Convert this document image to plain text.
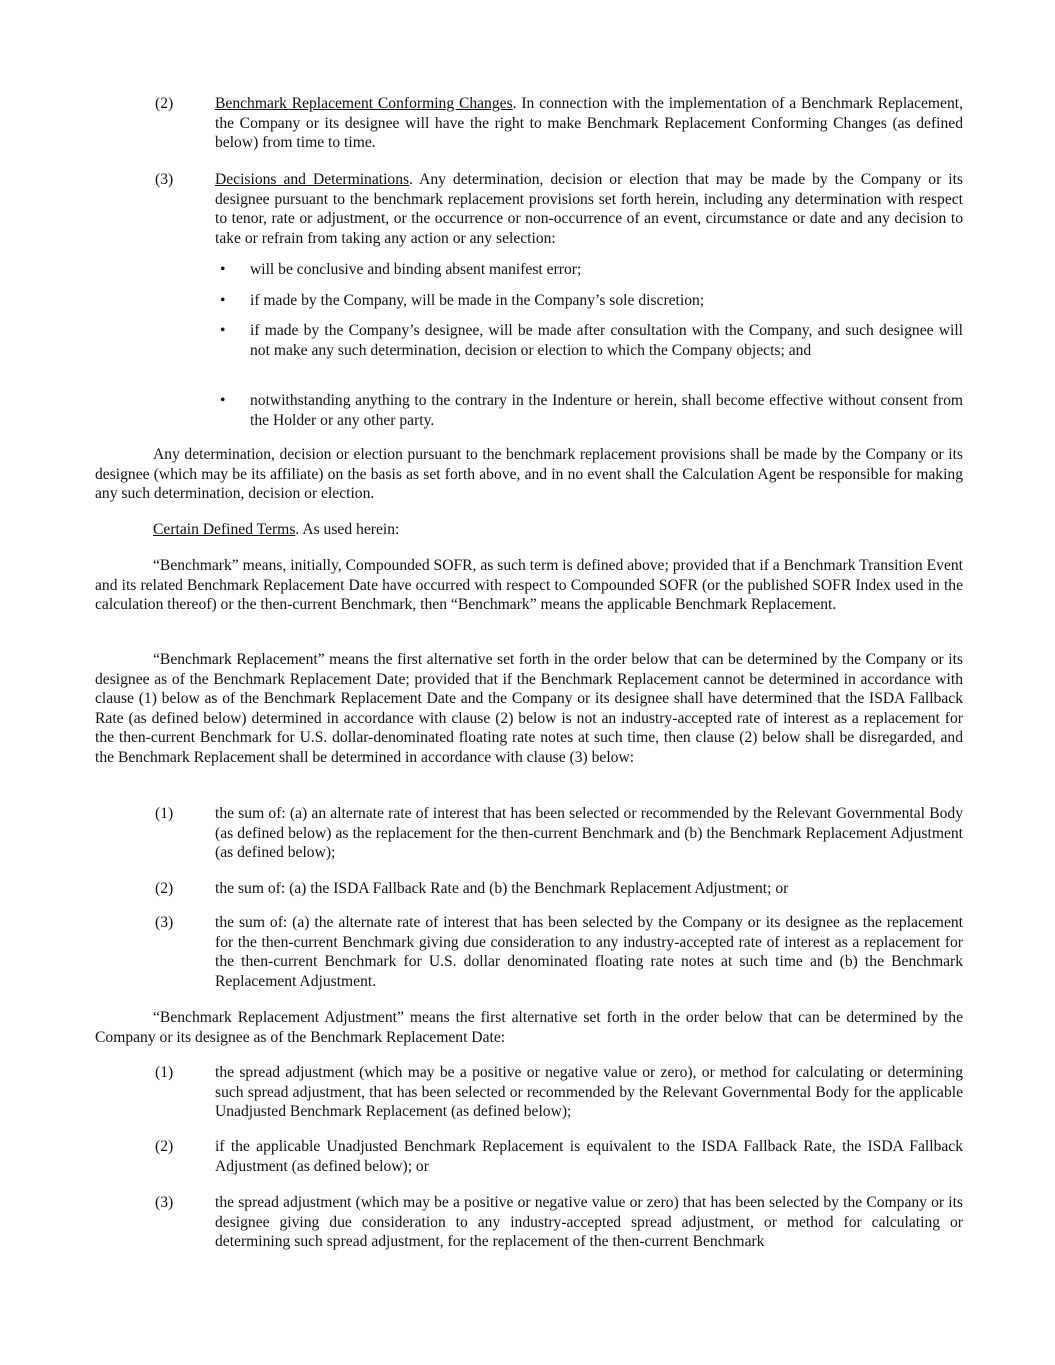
(2)	Benchmark Replacement Conforming Changes. In connection with the implementation of a Benchmark Replacement, the Company or its designee will have the right to make Benchmark Replacement Conforming Changes (as defined below) from time to time.

(3)	Decisions and Determinations. Any determination, decision or election that may be made by the Company or its designee pursuant to the benchmark replacement provisions set forth herein, including any determination with respect to tenor, rate or adjustment, or the occurrence or non-occurrence of an event, circumstance or date and any decision to take or refrain from taking any action or any selection:

• will be conclusive and binding absent manifest error;
• if made by the Company, will be made in the Company’s sole discretion;
• if made by the Company’s designee, will be made after consultation with the Company, and such designee will not make any such determination, decision or election to which the Company objects; and
• notwithstanding anything to the contrary in the Indenture or herein, shall become effective without consent from the Holder or any other party.
Any determination, decision or election pursuant to the benchmark replacement provisions shall be made by the Company or its designee (which may be its affiliate) on the basis as set forth above, and in no event shall the Calculation Agent be responsible for making any such determination, decision or election.

Certain Defined Terms. As used herein:

“Benchmark” means, initially, Compounded SOFR, as such term is defined above; provided that if a Benchmark Transition Event and its related Benchmark Replacement Date have occurred with respect to Compounded SOFR (or the published SOFR Index used in the calculation thereof) or the then-current Benchmark, then “Benchmark” means the applicable Benchmark Replacement.
“Benchmark Replacement” means the first alternative set forth in the order below that can be determined by the Company or its designee as of the Benchmark Replacement Date; provided that if the Benchmark Replacement cannot be determined in accordance with clause (1) below as of the Benchmark Replacement Date and the Company or its designee shall have determined that the ISDA Fallback Rate (as defined below) determined in accordance with clause (2) below is not an industry-accepted rate of interest as a replacement for the then-current Benchmark for U.S. dollar-denominated floating rate notes at such time, then clause (2) below shall be disregarded, and the Benchmark Replacement shall be determined in accordance with clause (3) below:
(1)	the sum of: (a) an alternate rate of interest that has been selected or recommended by the Relevant Governmental Body (as defined below) as the replacement for the then-current Benchmark and (b) the Benchmark Replacement Adjustment (as defined below);
(2)	the sum of: (a) the ISDA Fallback Rate and (b) the Benchmark Replacement Adjustment; or
(3)	the sum of: (a) the alternate rate of interest that has been selected by the Company or its designee as the replacement for the then-current Benchmark giving due consideration to any industry-accepted rate of interest as a replacement for the then-current Benchmark for U.S. dollar denominated floating rate notes at such time and (b) the Benchmark Replacement Adjustment.
“Benchmark Replacement Adjustment” means the first alternative set forth in the order below that can be determined by the Company or its designee as of the Benchmark Replacement Date:
(1)	the spread adjustment (which may be a positive or negative value or zero), or method for calculating or determining such spread adjustment, that has been selected or recommended by the Relevant Governmental Body for the applicable Unadjusted Benchmark Replacement (as defined below);
(2)	if the applicable Unadjusted Benchmark Replacement is equivalent to the ISDA Fallback Rate, the ISDA Fallback Adjustment (as defined below); or
(3)	the spread adjustment (which may be a positive or negative value or zero) that has been selected by the Company or its designee giving due consideration to any industry-accepted spread adjustment, or method for calculating or determining such spread adjustment, for the replacement of the then-current Benchmark
